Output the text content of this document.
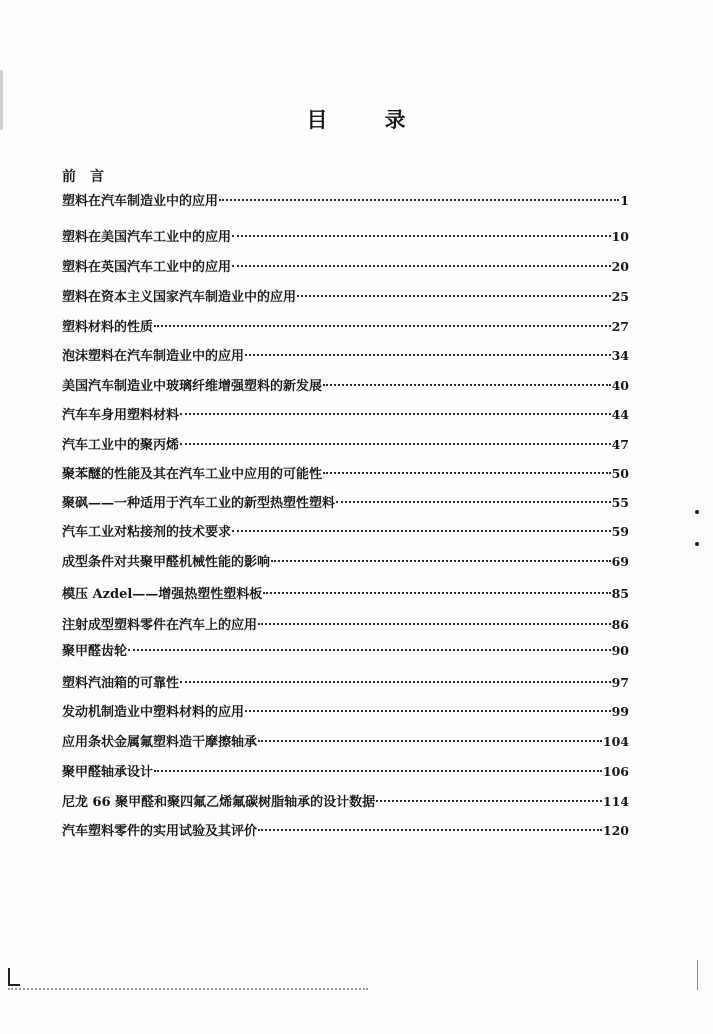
目	录
前 言
塑料在汽车制造业中的应用	1
塑料在美国汽车工业中的应用	10
塑料在英国汽车工业中的应用	20
塑料在资本主义国家汽车制造业中的应用	25
塑料材料的性质	27
泡沫塑料在汽车制造业中的应用	34
美国汽车制造业中玻璃纤维增强塑料的新发展	40
汽车车身用塑料材料	44
汽车工业中的聚丙烯	47
聚苯醚的性能及其在汽车工业中应用的可能性	50
聚砜——一种适用于汽车工业的新型热塑性塑料	55
汽车工业对粘接剂的技术要求	59
成型条件对共聚甲醛机械性能的影响	69
模压 Azdel——增强热塑性塑料板	85
注射成型塑料零件在汽车上的应用	86
聚甲醛齿轮	90
塑料汽油箱的可靠性	97
发动机制造业中塑料材料的应用	99
应用条状金属氟塑料造干摩擦轴承	104
聚甲醛轴承设计	106
尼龙 66 聚甲醛和聚四氟乙烯氟碳树脂轴承的设计数据	114
汽车塑料零件的实用试验及其评价	120
